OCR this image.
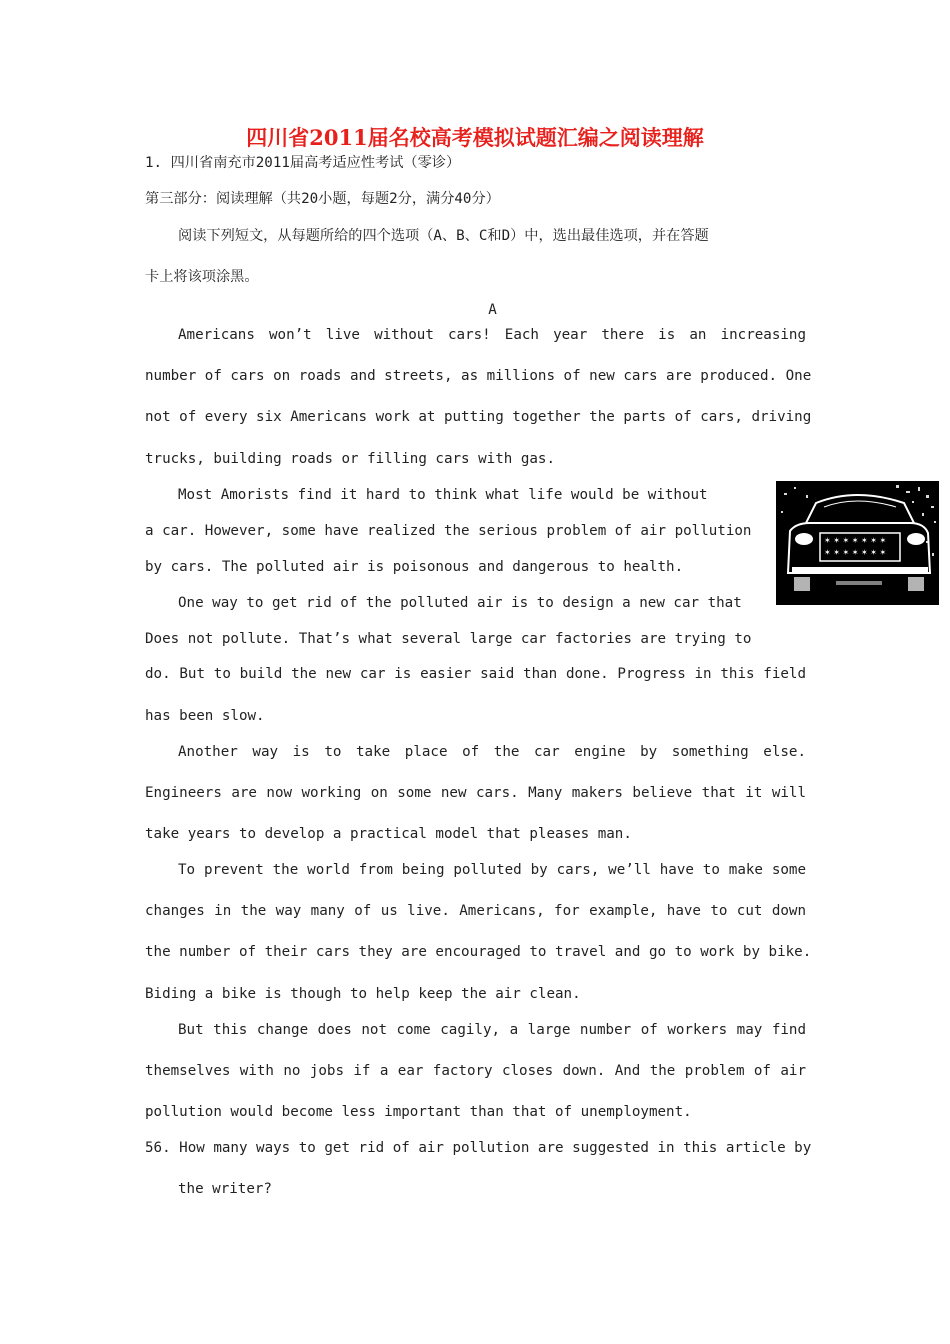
四川省2011届名校高考模拟试题汇编之阅读理解
1. 四川省南充市2011届高考适应性考试（零诊）
第三部分：阅读理解（共20小题，每题2分，满分40分）
阅读下列短文，从每题所给的四个选项（A、B、C和D）中，选出最佳选项，并在答题
卡上将该项涂黑。
A
Americans won’t live without cars! Each year there is an increasing
number of cars on roads and streets, as millions of new cars are produced. One
not of every six Americans work at putting together the parts of cars, driving
trucks, building roads or filling cars with gas.
Most Amorists find it hard to think what life would be without
a car. However, some have realized the serious problem of air pollution
by cars. The polluted air is poisonous and dangerous to health.
One way to get rid of the polluted air is to design a new car that
Does not pollute. That’s what several large car factories are trying to
do. But to build the new car is easier said than done. Progress in this field
has been slow.
Another way is to take place of the car engine by something else.
Engineers are now working on some new cars. Many makers believe that it will
take years to develop a practical model that pleases man.
To prevent the world from being polluted by cars, we’ll have to make some
changes in the way many of us live. Americans, for example, have to cut down
the number of their cars they are encouraged to travel and go to work by bike.
Biding a bike is though to help keep the air clean.
But this change does not come cagily, a large number of workers may find
themselves with no jobs if a ear factory closes down. And the problem of air
pollution would become less important than that of unemployment.
56. How many ways to get rid of air pollution are suggested in this article by
the writer?
✶ ✶ ✶ ✶ ✶ ✶ ✶
✶ ✶ ✶ ✶ ✶ ✶ ✶
